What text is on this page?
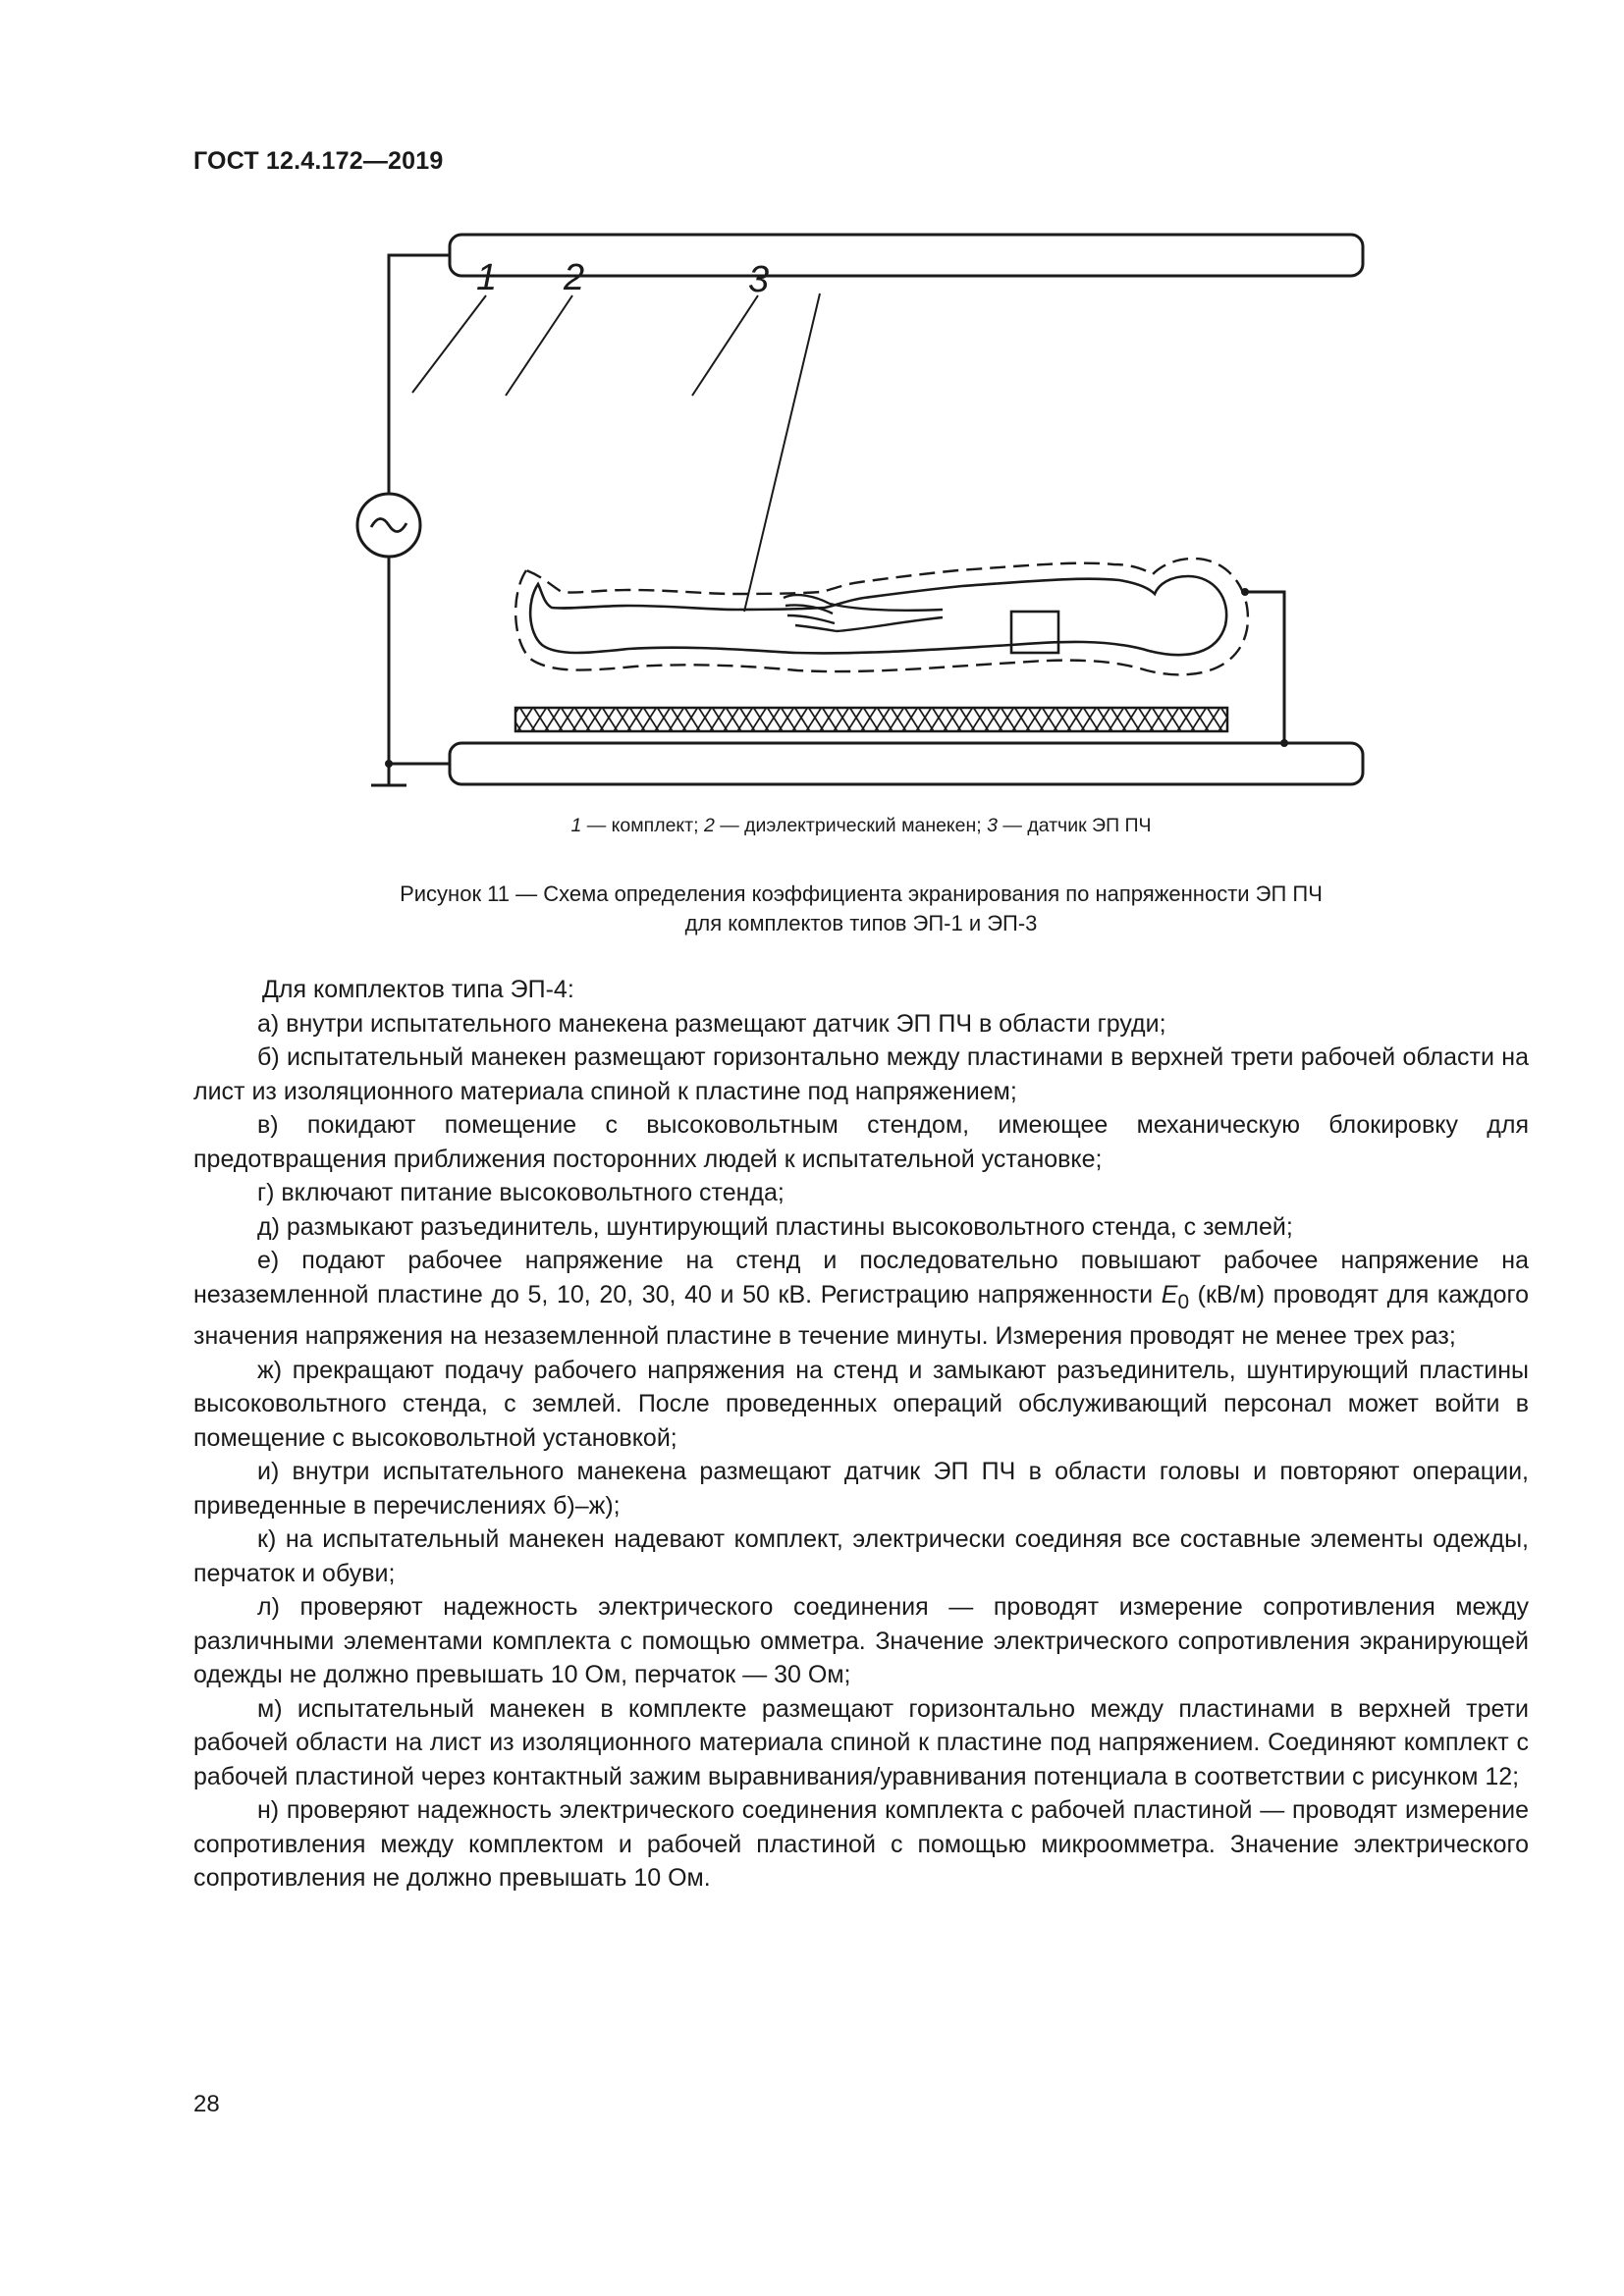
ГОСТ 12.4.172—2019
1 2	3
1 — комплект; 2 — диэлектрический манекен; 3 — датчик ЭП ПЧ
Рисунок 11 — Схема определения коэффициента экранирования по напряженности ЭП ПЧ
для комплектов типов ЭП-1 и ЭП-3

Для комплектов типа ЭП-4:

а) внутри испытательного манекена размещают датчик ЭП ПЧ в области груди;

б) испытательный манекен размещают горизонтально между пластинами в верхней трети рабочей области на лист из изоляционного материала спиной к пластине под напряжением;

в) покидают помещение с высоковольтным стендом, имеющее механическую блокировку для предотвращения приближения посторонних людей к испытательной установке;

г) включают питание высоковольтного стенда;

д) размыкают разъединитель, шунтирующий пластины высоковольтного стенда, с землей;

е) подают рабочее напряжение на стенд и последовательно повышают рабочее напряжение на незаземленной пластине до 5, 10, 20, 30, 40 и 50 кВ. Регистрацию напряженности $E_0$ (кВ/м) проводят для каждого значения напряжения на незаземленной пластине в течение минуты. Измерения проводят не менее трех раз;

ж) прекращают подачу рабочего напряжения на стенд и замыкают разъединитель, шунтирующий пластины высоковольтного стенда, с землей. После проведенных операций обслуживающий персонал может войти в помещение с высоковольтной установкой;

и) внутри испытательного манекена размещают датчик ЭП ПЧ в области головы и повторяют операции, приведенные в перечислениях б)–ж);

к) на испытательный манекен надевают комплект, электрически соединяя все составные элементы одежды, перчаток и обуви;

л) проверяют надежность электрического соединения — проводят измерение сопротивления между различными элементами комплекта с помощью омметра. Значение электрического сопротивления экранирующей одежды не должно превышать 10 Ом, перчаток — 30 Ом;

м) испытательный манекен в комплекте размещают горизонтально между пластинами в верхней трети рабочей области на лист из изоляционного материала спиной к пластине под напряжением. Соединяют комплект с рабочей пластиной через контактный зажим выравнивания/уравнивания потенциала в соответствии с рисунком 12;

н) проверяют надежность электрического соединения комплекта с рабочей пластиной — проводят измерение сопротивления между комплектом и рабочей пластиной с помощью микроомметра. Значение электрического сопротивления не должно превышать 10 Ом.

28
